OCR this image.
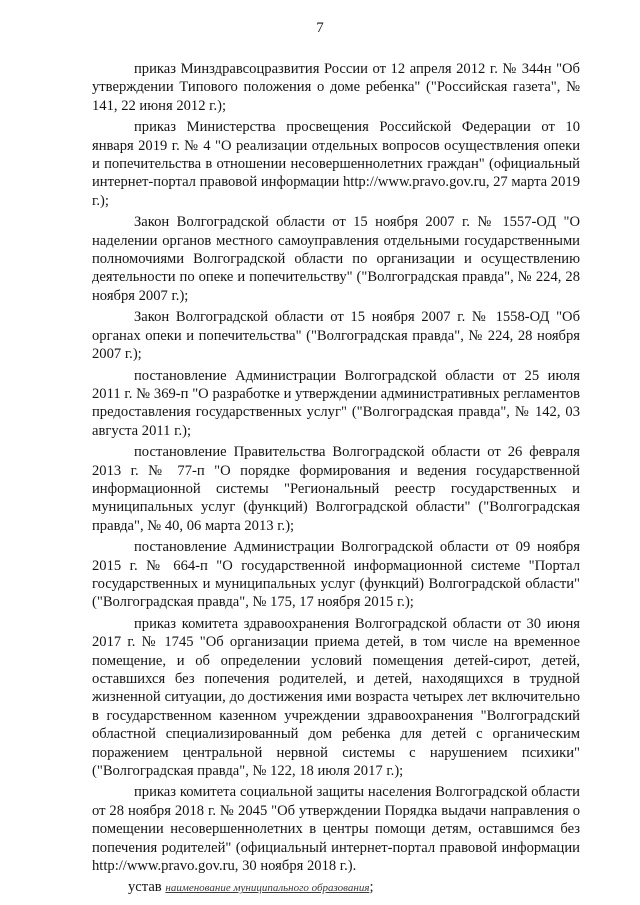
7

приказ Минздравсоцразвития России от 12 апреля 2012 г. № 344н "Об утверждении Типового положения о доме ребенка" ("Российская газета", № 141, 22 июня 2012 г.);

приказ Министерства просвещения Российской Федерации от 10 января 2019 г. № 4 "О реализации отдельных вопросов осуществления опеки и попечительства в отношении несовершеннолетних граждан" (официальный интернет-портал правовой информации http://www.pravo.gov.ru, 27 марта 2019 г.);

Закон Волгоградской области от 15 ноября 2007 г. № 1557-ОД "О наделении органов местного самоуправления отдельными государственными полномочиями Волгоградской области по организации и осуществлению деятельности по опеке и попечительству" ("Волгоградская правда", № 224, 28 ноября 2007 г.);

Закон Волгоградской области от 15 ноября 2007 г. № 1558-ОД "Об органах опеки и попечительства" ("Волгоградская правда", № 224, 28 ноября 2007 г.);

постановление Администрации Волгоградской области от 25 июля 2011 г. № 369-п "О разработке и утверждении административных регламентов предоставления государственных услуг" ("Волгоградская правда", № 142, 03 августа 2011 г.);

постановление Правительства Волгоградской области от 26 февраля 2013 г. № 77-п "О порядке формирования и ведения государственной информационной системы "Региональный реестр государственных и муниципальных услуг (функций) Волгоградской области" ("Волгоградская правда", № 40, 06 марта 2013 г.);

постановление Администрации Волгоградской области от 09 ноября 2015 г. № 664-п "О государственной информационной системе "Портал государственных и муниципальных услуг (функций) Волгоградской области" ("Волгоградская правда", № 175, 17 ноября 2015 г.);

приказ комитета здравоохранения Волгоградской области от 30 июня 2017 г. № 1745 "Об организации приема детей, в том числе на временное помещение, и об определении условий помещения детей-сирот, детей, оставшихся без попечения родителей, и детей, находящихся в трудной жизненной ситуации, до достижения ими возраста четырех лет включительно в государственном казенном учреждении здравоохранения "Волгоградский областной специализированный дом ребенка для детей с органическим поражением центральной нервной системы с нарушением психики" ("Волгоградская правда", № 122, 18 июля 2017 г.);

приказ комитета социальной защиты населения Волгоградской области от 28 ноября 2018 г. № 2045 "Об утверждении Порядка выдачи направления о помещении несовершеннолетних в центры помощи детям, оставшимся без попечения родителей" (официальный интернет-портал правовой информации http://www.pravo.gov.ru, 30 ноября 2018 г.).

устав наименование муниципального образования;
